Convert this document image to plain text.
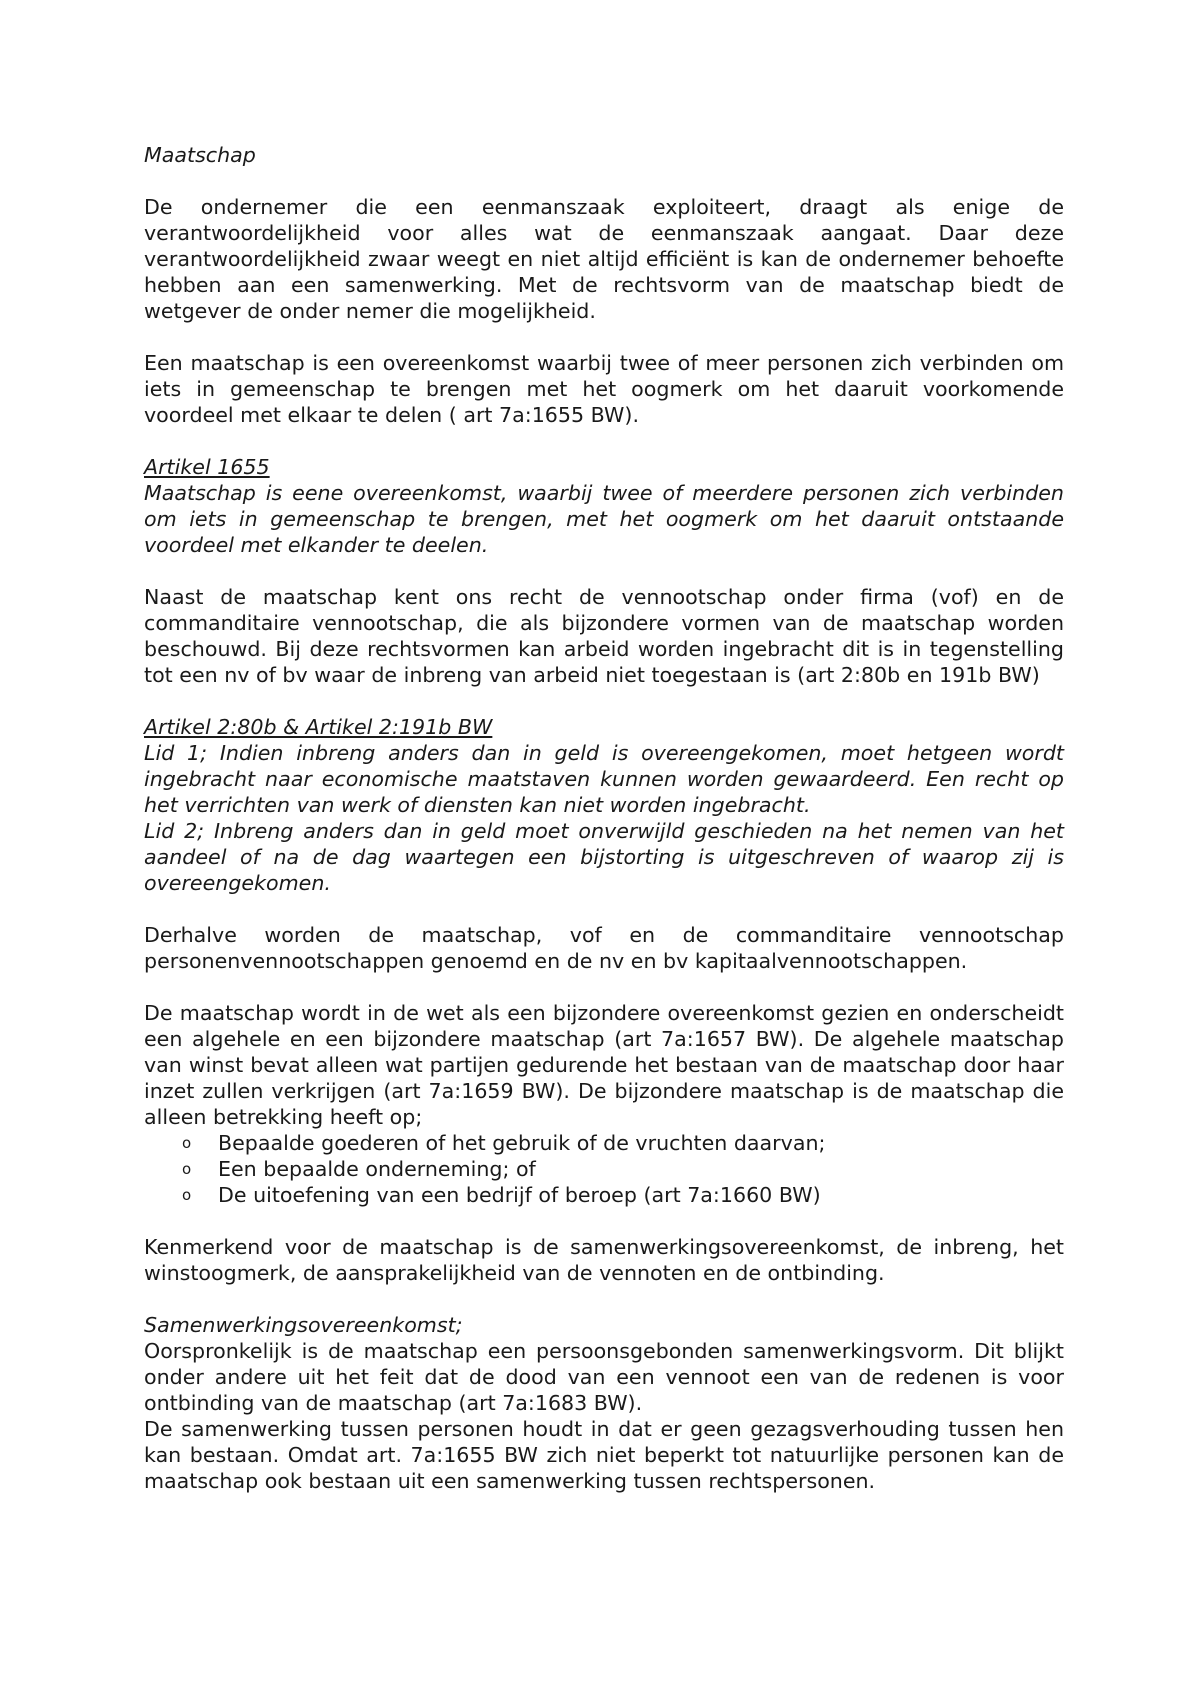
Maatschap

De ondernemer die een eenmanszaak exploiteert, draagt als enige de verantwoordelijkheid voor alles wat de eenmanszaak aangaat. Daar deze verantwoordelijkheid zwaar weegt en niet altijd efficiënt is kan de ondernemer behoefte hebben aan een samenwerking. Met de rechtsvorm van de maatschap biedt de wetgever de onder nemer die mogelijkheid.

Een maatschap is een overeenkomst waarbij twee of meer personen zich verbinden om iets in gemeenschap te brengen met het oogmerk om het daaruit voorkomende voordeel met elkaar te delen ( art 7a:1655 BW).

Artikel 1655

Maatschap is eene overeenkomst, waarbij twee of meerdere personen zich verbinden om iets in gemeenschap te brengen, met het oogmerk om het daaruit ontstaande voordeel met elkander te deelen.

Naast de maatschap kent ons recht de vennootschap onder firma (vof) en de commanditaire vennootschap, die als bijzondere vormen van de maatschap worden beschouwd. Bij deze rechtsvormen kan arbeid worden ingebracht dit is in tegenstelling tot een nv of bv waar de inbreng van arbeid niet toegestaan is (art 2:80b en 191b BW)

Artikel 2:80b & Artikel 2:191b BW

Lid 1; Indien inbreng anders dan in geld is overeengekomen, moet hetgeen wordt ingebracht naar economische maatstaven kunnen worden gewaardeerd. Een recht op het verrichten van werk of diensten kan niet worden ingebracht.

Lid 2; Inbreng anders dan in geld moet onverwijld geschieden na het nemen van het aandeel of na de dag waartegen een bijstorting is uitgeschreven of waarop zij is overeengekomen.

Derhalve worden de maatschap, vof en de commanditaire vennootschap personenvennootschappen genoemd en de nv en bv kapitaalvennootschappen.

De maatschap wordt in de wet als een bijzondere overeenkomst gezien en onderscheidt een algehele en een bijzondere maatschap (art 7a:1657 BW). De algehele maatschap van winst bevat alleen wat partijen gedurende het bestaan van de maatschap door haar inzet zullen verkrijgen (art 7a:1659 BW). De bijzondere maatschap is de maatschap die alleen betrekking heeft op;

o Bepaalde goederen of het gebruik of de vruchten daarvan;
o Een bepaalde onderneming; of
o De uitoefening van een bedrijf of beroep (art 7a:1660 BW)

Kenmerkend voor de maatschap is de samenwerkingsovereenkomst, de inbreng, het winstoogmerk, de aansprakelijkheid van de vennoten en de ontbinding.

Samenwerkingsovereenkomst;

Oorspronkelijk is de maatschap een persoonsgebonden samenwerkingsvorm. Dit blijkt onder andere uit het feit dat de dood van een vennoot een van de redenen is voor ontbinding van de maatschap (art 7a:1683 BW).

De samenwerking tussen personen houdt in dat er geen gezagsverhouding tussen hen kan bestaan. Omdat art. 7a:1655 BW zich niet beperkt tot natuurlijke personen kan de maatschap ook bestaan uit een samenwerking tussen rechtspersonen.
